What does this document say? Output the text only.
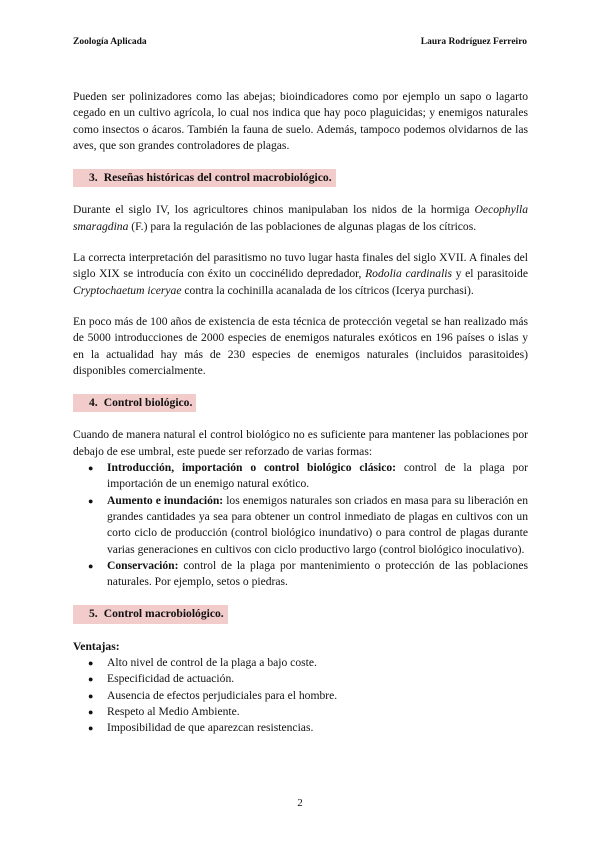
Zoología Aplicada	Laura Rodríguez Ferreiro

Pueden ser polinizadores como las abejas; bioindicadores como por ejemplo un sapo o lagarto cegado en un cultivo agrícola, lo cual nos indica que hay poco plaguicidas; y enemigos naturales como insectos o ácaros. También la fauna de suelo. Además, tampoco podemos olvidarnos de las aves, que son grandes controladores de plagas.

3. Reseñas históricas del control macrobiológico.

Durante el siglo IV, los agricultores chinos manipulaban los nidos de la hormiga Oecophylla smaragdina (F.) para la regulación de las poblaciones de algunas plagas de los cítricos.

La correcta interpretación del parasitismo no tuvo lugar hasta finales del siglo XVII. A finales del siglo XIX se introducía con éxito un coccinélido depredador, Rodolia cardinalis y el parasitoide Cryptochaetum iceryae contra la cochinilla acanalada de los cítricos (Icerya purchasi).

En poco más de 100 años de existencia de esta técnica de protección vegetal se han realizado más de 5000 introducciones de 2000 especies de enemigos naturales exóticos en 196 países o islas y en la actualidad hay más de 230 especies de enemigos naturales (incluidos parasitoides) disponibles comercialmente.

4. Control biológico.

Cuando de manera natural el control biológico no es suficiente para mantener las poblaciones por debajo de ese umbral, este puede ser reforzado de varias formas:

● Introducción, importación o control biológico clásico: control de la plaga por importación de un enemigo natural exótico.
● Aumento e inundación: los enemigos naturales son criados en masa para su liberación en grandes cantidades ya sea para obtener un control inmediato de plagas en cultivos con un corto ciclo de producción (control biológico inundativo) o para control de plagas durante varias generaciones en cultivos con ciclo productivo largo (control biológico inoculativo).
● Conservación: control de la plaga por mantenimiento o protección de las poblaciones naturales. Por ejemplo, setos o piedras.
5. Control macrobiológico.

Ventajas:

● Alto nivel de control de la plaga a bajo coste.
● Especificidad de actuación.
● Ausencia de efectos perjudiciales para el hombre.
● Respeto al Medio Ambiente.
● Imposibilidad de que aparezcan resistencias.
2
